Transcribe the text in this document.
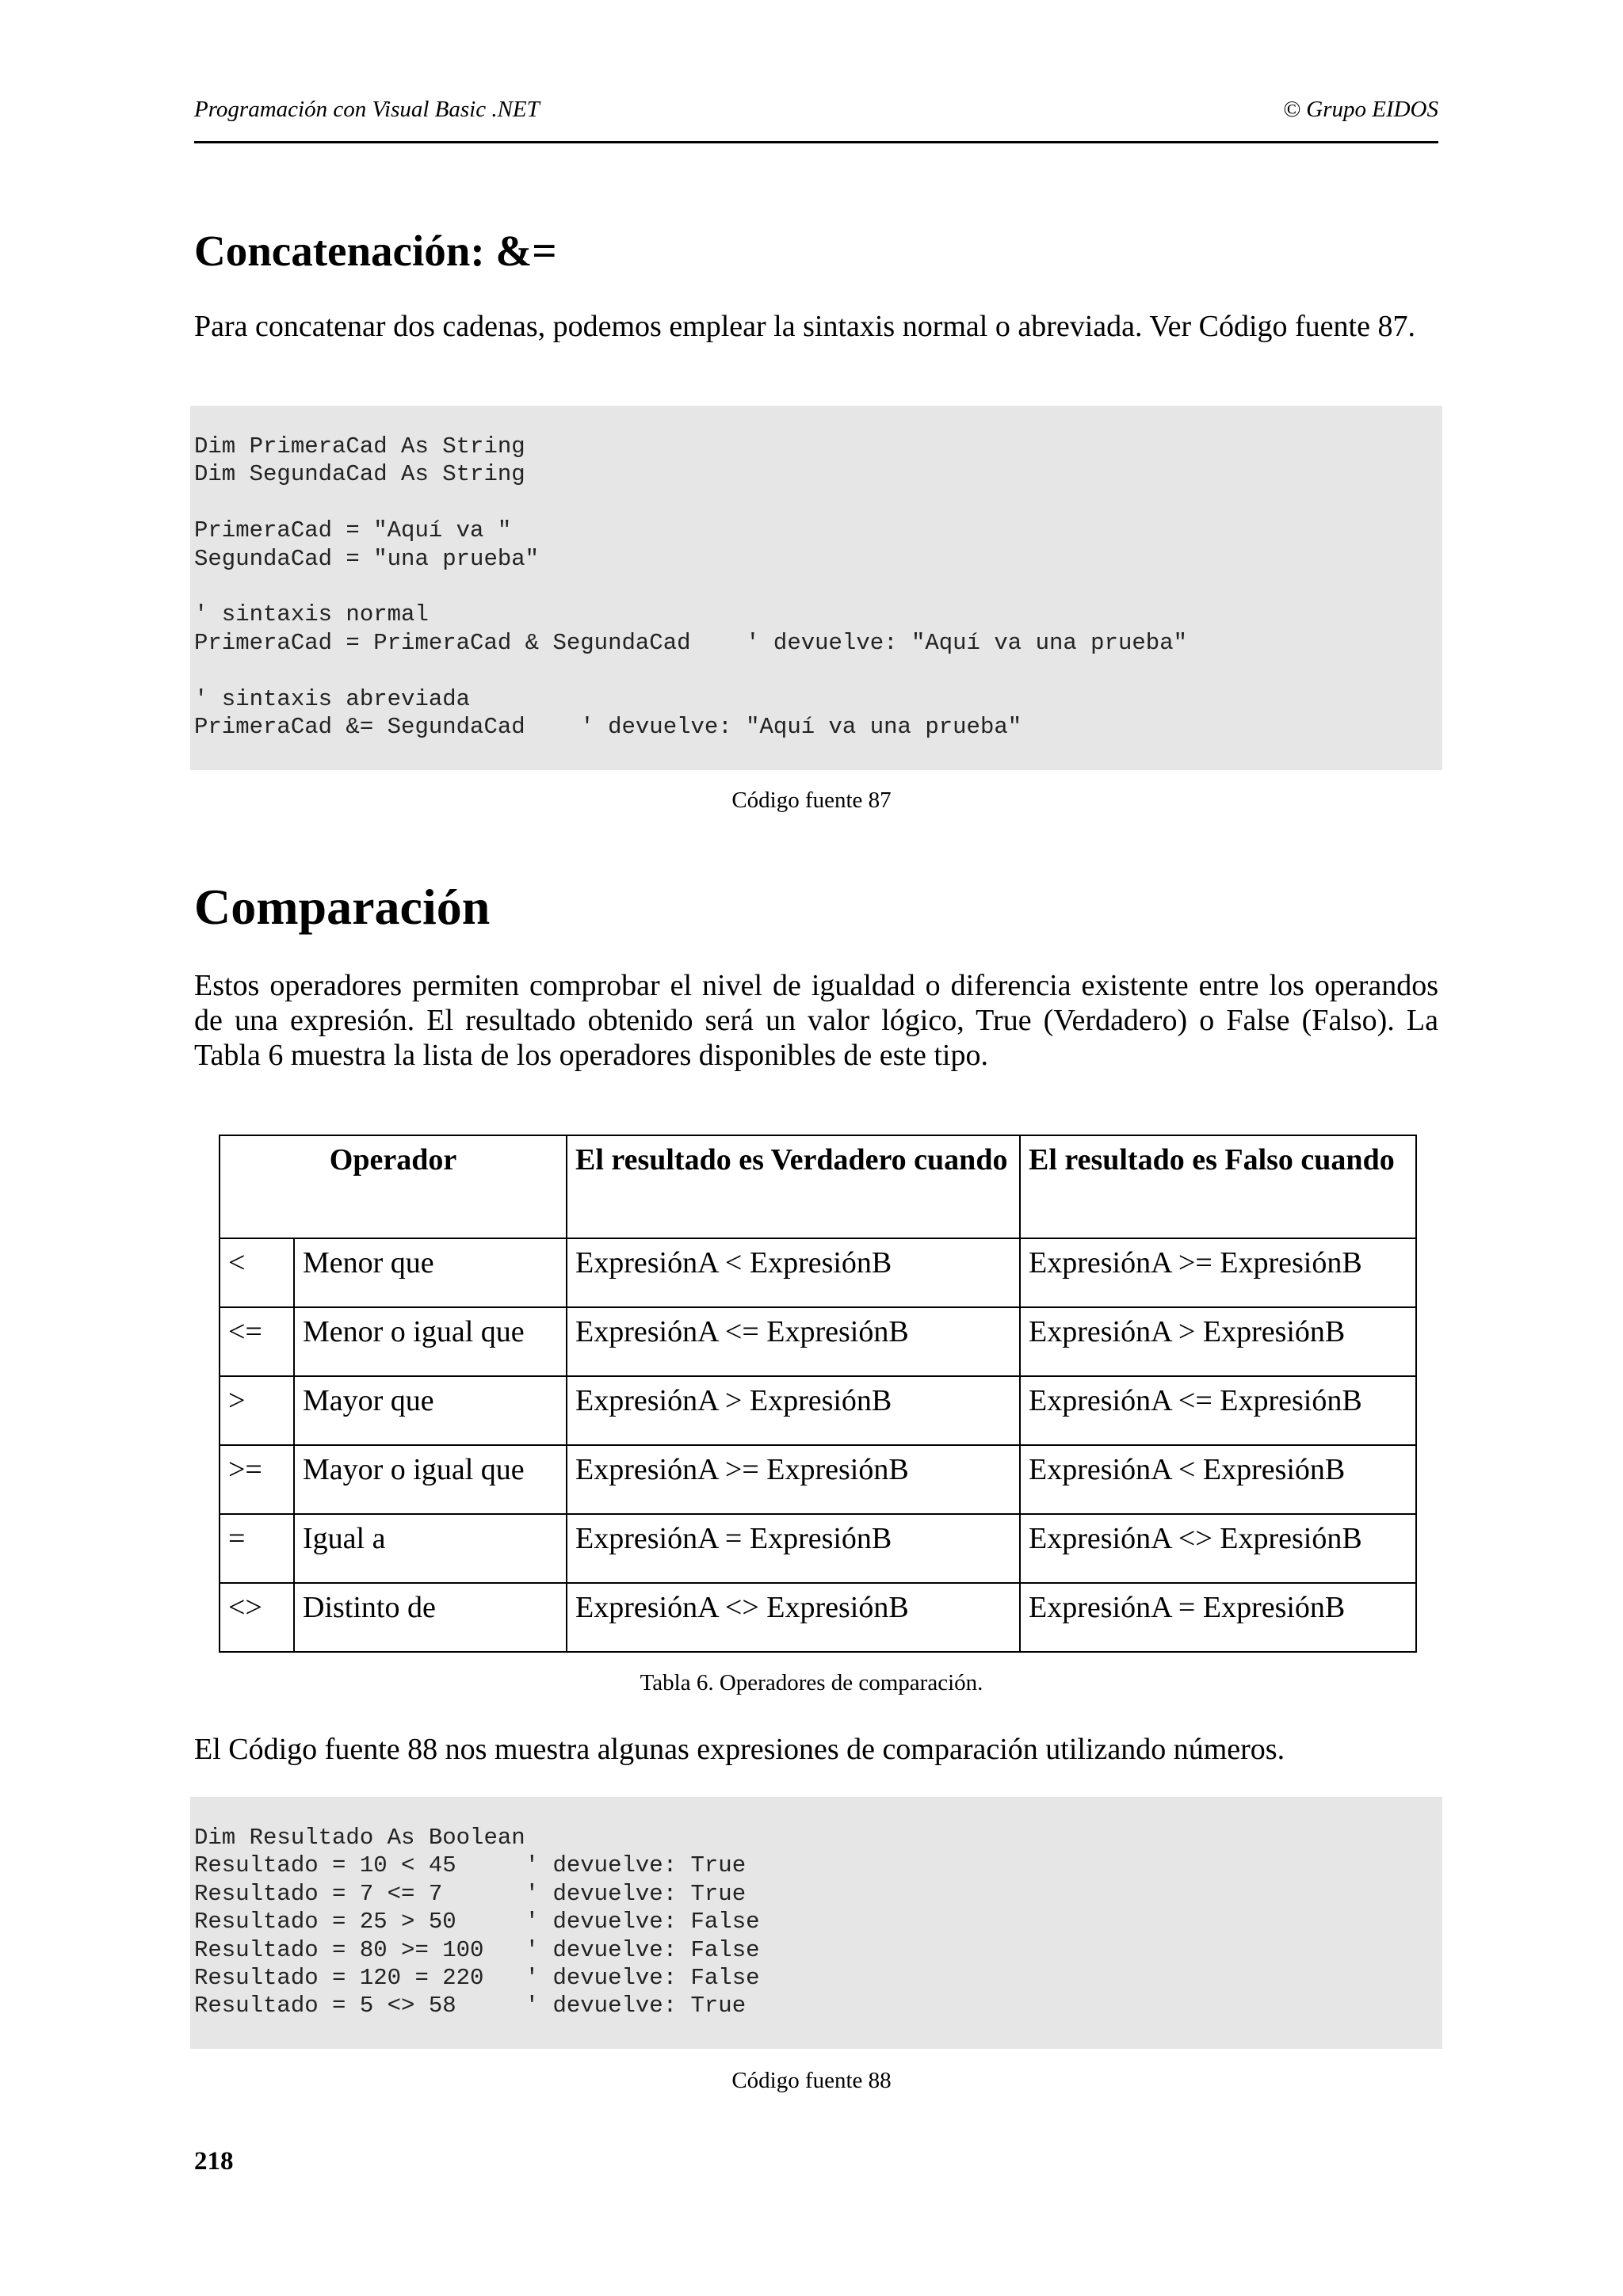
Programación con Visual Basic .NET	© Grupo EIDOS
Concatenación: &=

Para concatenar dos cadenas, podemos emplear la sintaxis normal o abreviada. Ver Código fuente 87.

Dim PrimeraCad As String
Dim SegundaCad As String
PrimeraCad = "Aquí va "
SegundaCad = "una prueba"
' sintaxis normal
PrimeraCad = PrimeraCad & SegundaCad    ' devuelve: "Aquí va una prueba"
' sintaxis abreviada
PrimeraCad &= SegundaCad    ' devuelve: "Aquí va una prueba"

Código fuente 87

Comparación

Estos operadores permiten comprobar el nivel de igualdad o diferencia existente entre los operandos de una expresión. El resultado obtenido será un valor lógico, True (Verdadero) o False (Falso). La Tabla 6 muestra la lista de los operadores disponibles de este tipo.

Operador		El resultado es Verdadero cuando	El resultado es Falso cuando
<	Menor que	ExpresiónA < ExpresiónB	ExpresiónA >= ExpresiónB
<=	Menor o igual que	ExpresiónA <= ExpresiónB	ExpresiónA > ExpresiónB
>	Mayor que	ExpresiónA > ExpresiónB	ExpresiónA <= ExpresiónB
>=	Mayor o igual que	ExpresiónA >= ExpresiónB	ExpresiónA < ExpresiónB
=	Igual a	ExpresiónA = ExpresiónB	ExpresiónA <> ExpresiónB
<>	Distinto de	ExpresiónA <> ExpresiónB	ExpresiónA = ExpresiónB

Tabla 6. Operadores de comparación.

El Código fuente 88 nos muestra algunas expresiones de comparación utilizando números.

Dim Resultado As Boolean
Resultado = 10 < 45     ' devuelve: True
Resultado = 7 <= 7      ' devuelve: True
Resultado = 25 > 50     ' devuelve: False
Resultado = 80 >= 100   ' devuelve: False
Resultado = 120 = 220   ' devuelve: False
Resultado = 5 <> 58     ' devuelve: True

Código fuente 88

218
